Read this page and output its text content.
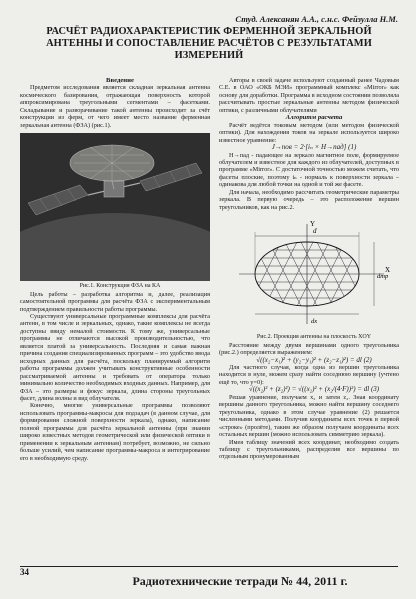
Студ. Алексанян А.А., с.н.с. Фейзулла Н.М.
РАСЧЁТ РАДИОХАРАКТЕРИСТИК ФЕРМЕННОЙ ЗЕРКАЛЬНОЙ АНТЕННЫ И СОПОСТАВЛЕНИЕ РАСЧЁТОВ С РЕЗУЛЬТАТАМИ ИЗМЕРЕНИЙ

Введение

Предметом исследования является складная зеркальная антенна космического базирования, отражающая поверхность которой аппроксимирована треугольными сегментами – фасетками. Складывание и разворачивание такой антенны происходит за счёт конструкции из ферм, от чего имеет место название ферменная зеркальная антенна (ФЗА) (рис.1).

Рис.1. Конструкция ФЗА на КА

Цель работы – разработка алгоритма и, далее, реализация самостоятельной программы для расчёта ФЗА с экспериментальным подтверждением правильности работы программы.

Существуют универсальные программные комплексы для расчёта антенн, в том числе и зеркальных, однако, такие комплексы не всегда доступны ввиду немалой стоимости. К тому же, универсальные программы не отличаются высокой производительностью, что является платой за универсальность. Последняя и самая важная причина создания специализированных программ – это удобство ввода исходных данных для расчёта, поскольку планируемый алгоритм работы программы должен учитывать конструктивные особенности рассматриваемой антенны и требовать от оператора только минимально количество необходимых входных данных. Например, для ФЗА – это размеры и фокус зеркала, длина стороны треугольных фасет, длина волны и вид облучателя.

Конечно, многие универсальные программы позволяют использовать программы-макросы для подзадач (в данном случае, для формирования сложной поверхности зеркала), однако, написание полной программы для расчёта зеркальной антенны (при знании широко известных методов геометрической или физической оптики в применении к зеркальным антеннам) потребует, возможно, не сильно больше усилий, чем написание программы-макроса и интегрирование его в необходимую среду.

Авторы в своей задаче используют созданный ранее Чадовым С.Е. в ОАО «ОКБ МЭИ» программный комплекс «Mirror» как основу для доработки. Программа в исходном состоянии позволяла рассчитывать простые зеркальные антенны методом физической оптики, с различными облучателями

Алгоритм расчета

Расчёт ведётся токовым методом (или методом физической оптики). Для нахождения токов на зеркале используется широко известное уравнение:

J→пов = 2·[iₙ × H→пад] (1)

H→пад - падающее на зеркало магнитное поле, формируемое облучателем и известное для каждого из облучателей, доступных в программе «Mirror». С достаточной точностью можем считать, что фасеты плоские, поэтому iₙ - нормаль к поверхности зеркала – одинакова для любой точки на одной и той же фасете.

Для начала, необходимо рассчитать геометрические параметры зеркала. В первую очередь – это расположение вершин треугольников, как на рис.2.

d
dx
dтр
X
Y

Рис.2. Проекция антенны на плоскость XOY

Расстояние между двумя вершинами одного треугольника (рис.2.) определяется выражением:

√((x₂−x₁)² + (y₂−y₁)² + (z₂−z₁)²) = dl (2)

Для частного случая, когда одна из вершин треугольника находится в нуле, можем сразу найти соседнюю вершину (учтено ещё то, что y=0):

√((x₂)² + (z₂)²) = √((x₂)² + (x₂/(4·F))²) = dl (3)

Решая уравнение, получаем x₂ и затем z₂. Зная координату вершины данного треугольника, можно найти вершину соседнего треугольника, однако в этом случае уравнение (2) решается численными методами. Получив координаты всех точек в первой «строке» (пролёте), таким же образом получаем координаты всех остальных вершин (можно использовать симметрию зеркала).

Имея таблицу значений всех координат, необходимо создать таблицу с треугольниками, распределив все вершины по отдельным пронумерованным

34
Радиотехнические тетради № 44, 2011 г.
